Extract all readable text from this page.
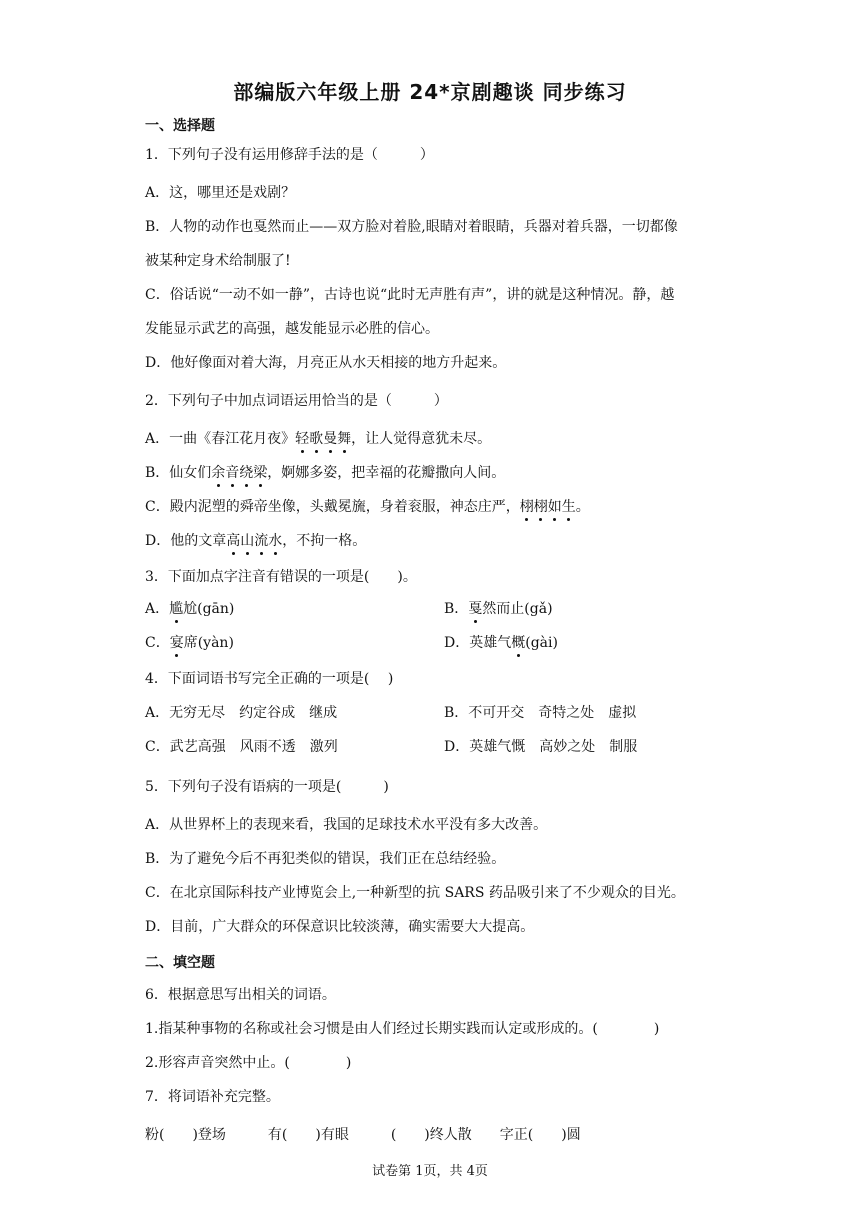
部编版六年级上册 24*京剧趣谈 同步练习
一、选择题
1．下列句子没有运用修辞手法的是（　　　）
A．这，哪里还是戏剧？
B．人物的动作也戛然而止——双方脸对着脸,眼睛对着眼睛，兵器对着兵器，一切都像
被某种定身术给制服了!
C．俗话说“一动不如一静”，古诗也说“此时无声胜有声”，讲的就是这种情况。静，越
发能显示武艺的高强，越发能显示必胜的信心。
D．他好像面对着大海，月亮正从水天相接的地方升起来。
2．下列句子中加点词语运用恰当的是（　　　）
A．一曲《春江花月夜》轻歌曼舞，让人觉得意犹未尽。
B．仙女们余音绕梁，婀娜多姿，把幸福的花瓣撒向人间。
C．殿内泥塑的舜帝坐像，头戴冕旒，身着衮服，神态庄严，栩栩如生。
D．他的文章高山流水，不拘一格。
3．下面加点字注音有错误的一项是(　　)。
A．尴尬(gān)	B．戛然而止(gǎ)
C．宴席(yàn)	D．英雄气概(gài)
4．下面词语书写完全正确的一项是(　 )
A．无穷无尽　约定谷成　继成	B．不可开交　奇特之处　虚拟
C．武艺高强　风雨不透　激列	D．英雄气慨　高妙之处　制服
5．下列句子没有语病的一项是(　　　)
A．从世界杯上的表现来看，我国的足球技术水平没有多大改善。
B．为了避免今后不再犯类似的错误，我们正在总结经验。
C．在北京国际科技产业博览会上,一种新型的抗 SARS 药品吸引来了不少观众的目光。
D．目前，广大群众的环保意识比较淡薄，确实需要大大提高。
二、填空题
6．根据意思写出相关的词语。
1.指某种事物的名称或社会习惯是由人们经过长期实践而认定或形成的。(　　　　)
2.形容声音突然中止。(　　　　)
7．将词语补充完整。
粉(　　)登场　　　有(　　)有眼　　　(　　)终人散　　字正(　　)圆
试卷第 1页，共 4页
